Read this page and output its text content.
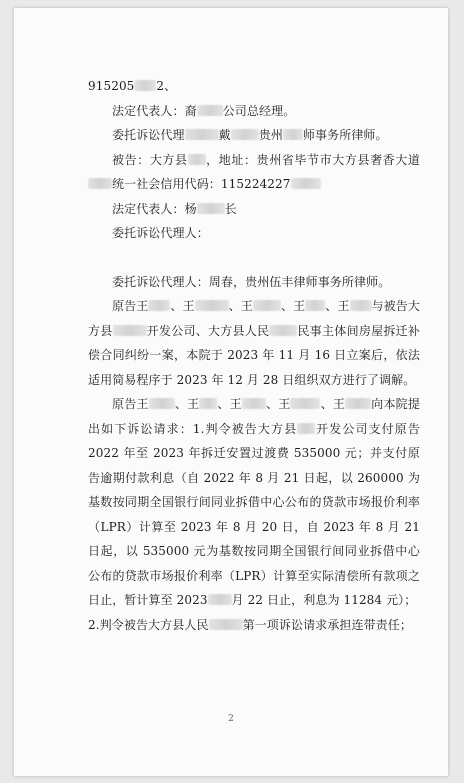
915205 2、

法定代表人：裔 公司总经理。

委托诉讼代理	戴 贵州 师事务所律师。

被告：大方县 ，地址：贵州省毕节市大方县奢香大道统一社会信用代码：115224227

法定代表人：杨 长

委托诉讼代理人：

委托诉讼代理人：周春，贵州伍丰律师事务所律师。

原告王 、王	、王 、王 、王 与被告大方县	开发公司、大方县人民 民事主体间房屋拆迁补偿合同纠纷一案，本院于 2023 年 11 月 16 日立案后，依法适用简易程序于 2023 年 12 月 28 日组织双方进行了调解。

原告王 、王 、王 、王	、王 向本院提出如下诉讼请求：1.判令被告大方县 开发公司支付原告 2022 年至 2023 年拆迁安置过渡费 535000 元；并支付原告逾期付款利息（自 2022 年 8 月 21 日起，以 260000 为基数按同期全国银行间同业拆借中心公布的贷款市场报价利率（LPR）计算至 2023 年 8 月 20 日，自 2023 年 8 月 21 日起，以 535000 元为基数按同期全国银行间同业拆借中心公布的贷款市场报价利率（LPR）计算至实际清偿所有款项之日止，暂计算至 2023 月 22 日止，利息为 11284 元）；

2.判令被告大方县人民	第一项诉讼请求承担连带责任；

2
